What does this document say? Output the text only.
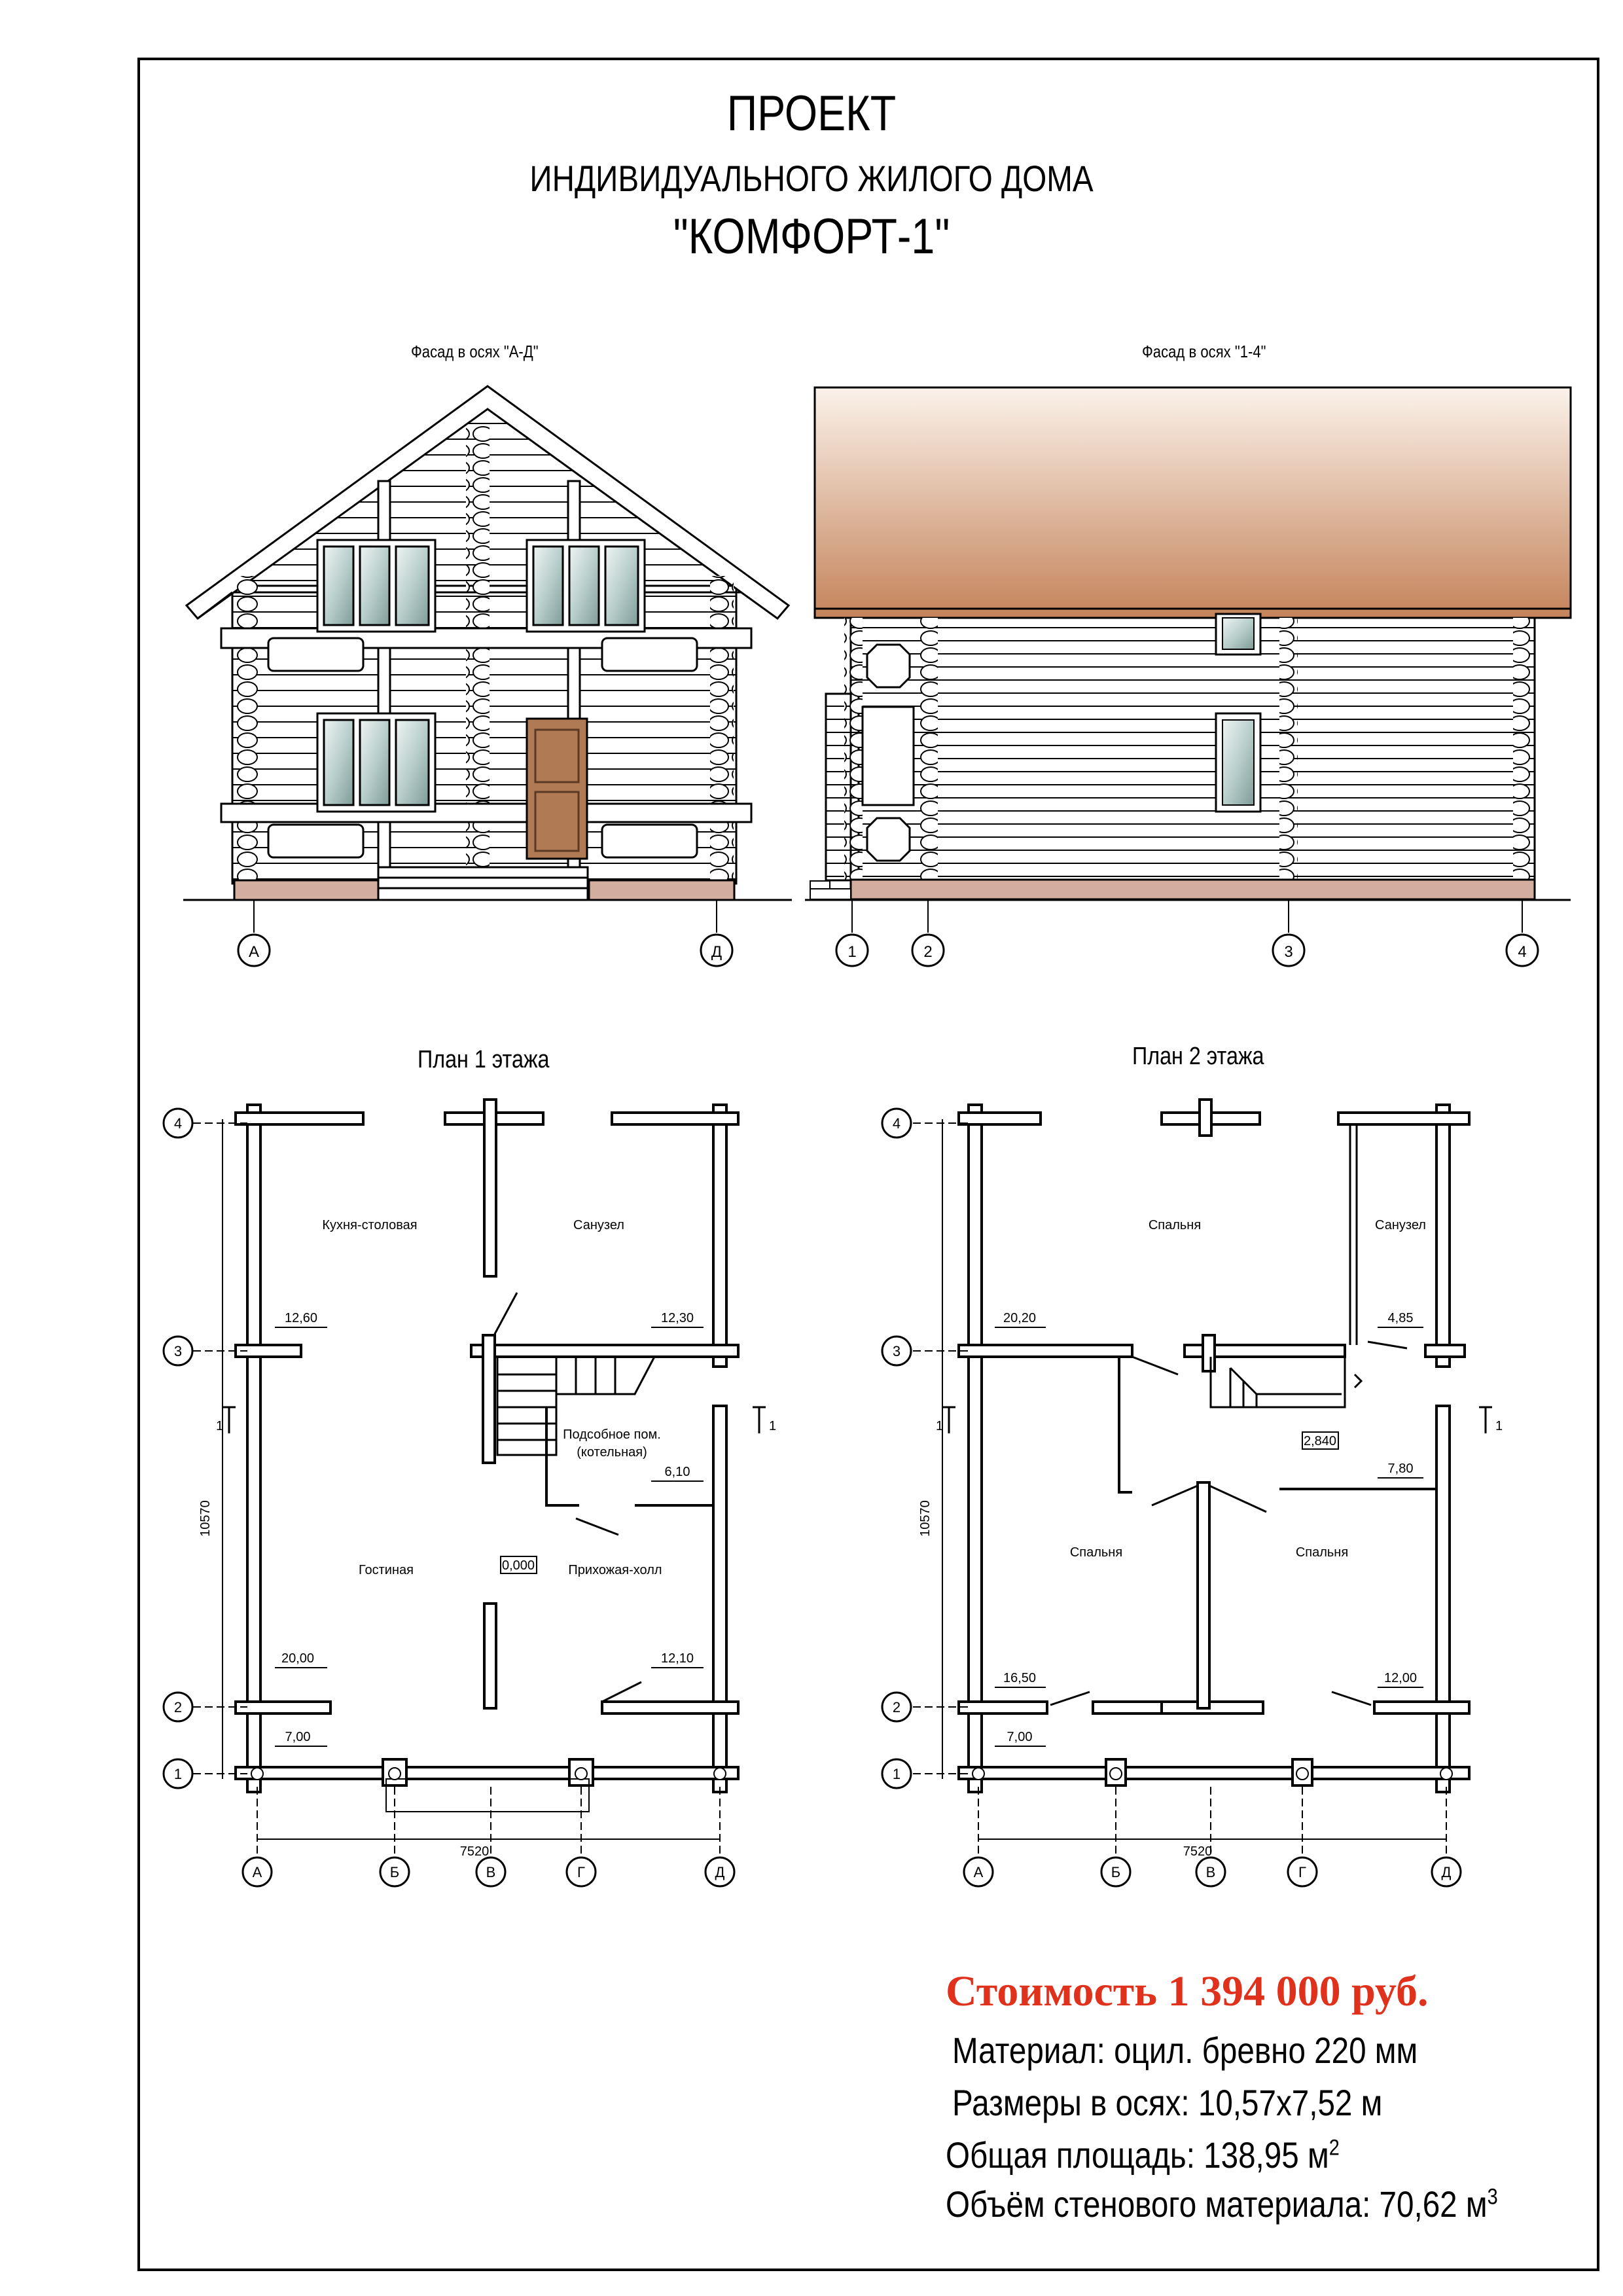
ПРОЕКТ
ИНДИВИДУАЛЬНОГО ЖИЛОГО ДОМА
"КОМФОРТ-1"
Фасад в осях "А-Д"	Фасад в осях "1-4"
А	Д	1	2	3	4
План 1 этажа	План 2 этажа
4
3
2
1
А	Б	В	Г	Д
1	1
Кухня-столовая	Санузел
Подсобное пом.
(котельная)
Гостиная	Прихожая-холл
12,60	12,30
6,10
20,00	12,10
7,00
0,000
10570
7520
4
3
2
1
А	Б	В	Г	Д
1	1
Спальня	Санузел
Спальня	Спальня
20,20	4,85
7,80
16,50	12,00
7,00
2,840
10570
7520
Стоимость 1 394 000 руб.
Материал: оцил. бревно 220 мм
Размеры в осях: 10,57х7,52 м
Общая площадь: 138,95 $м^2$
Объём стенового материала: 70,62 $м^3$
